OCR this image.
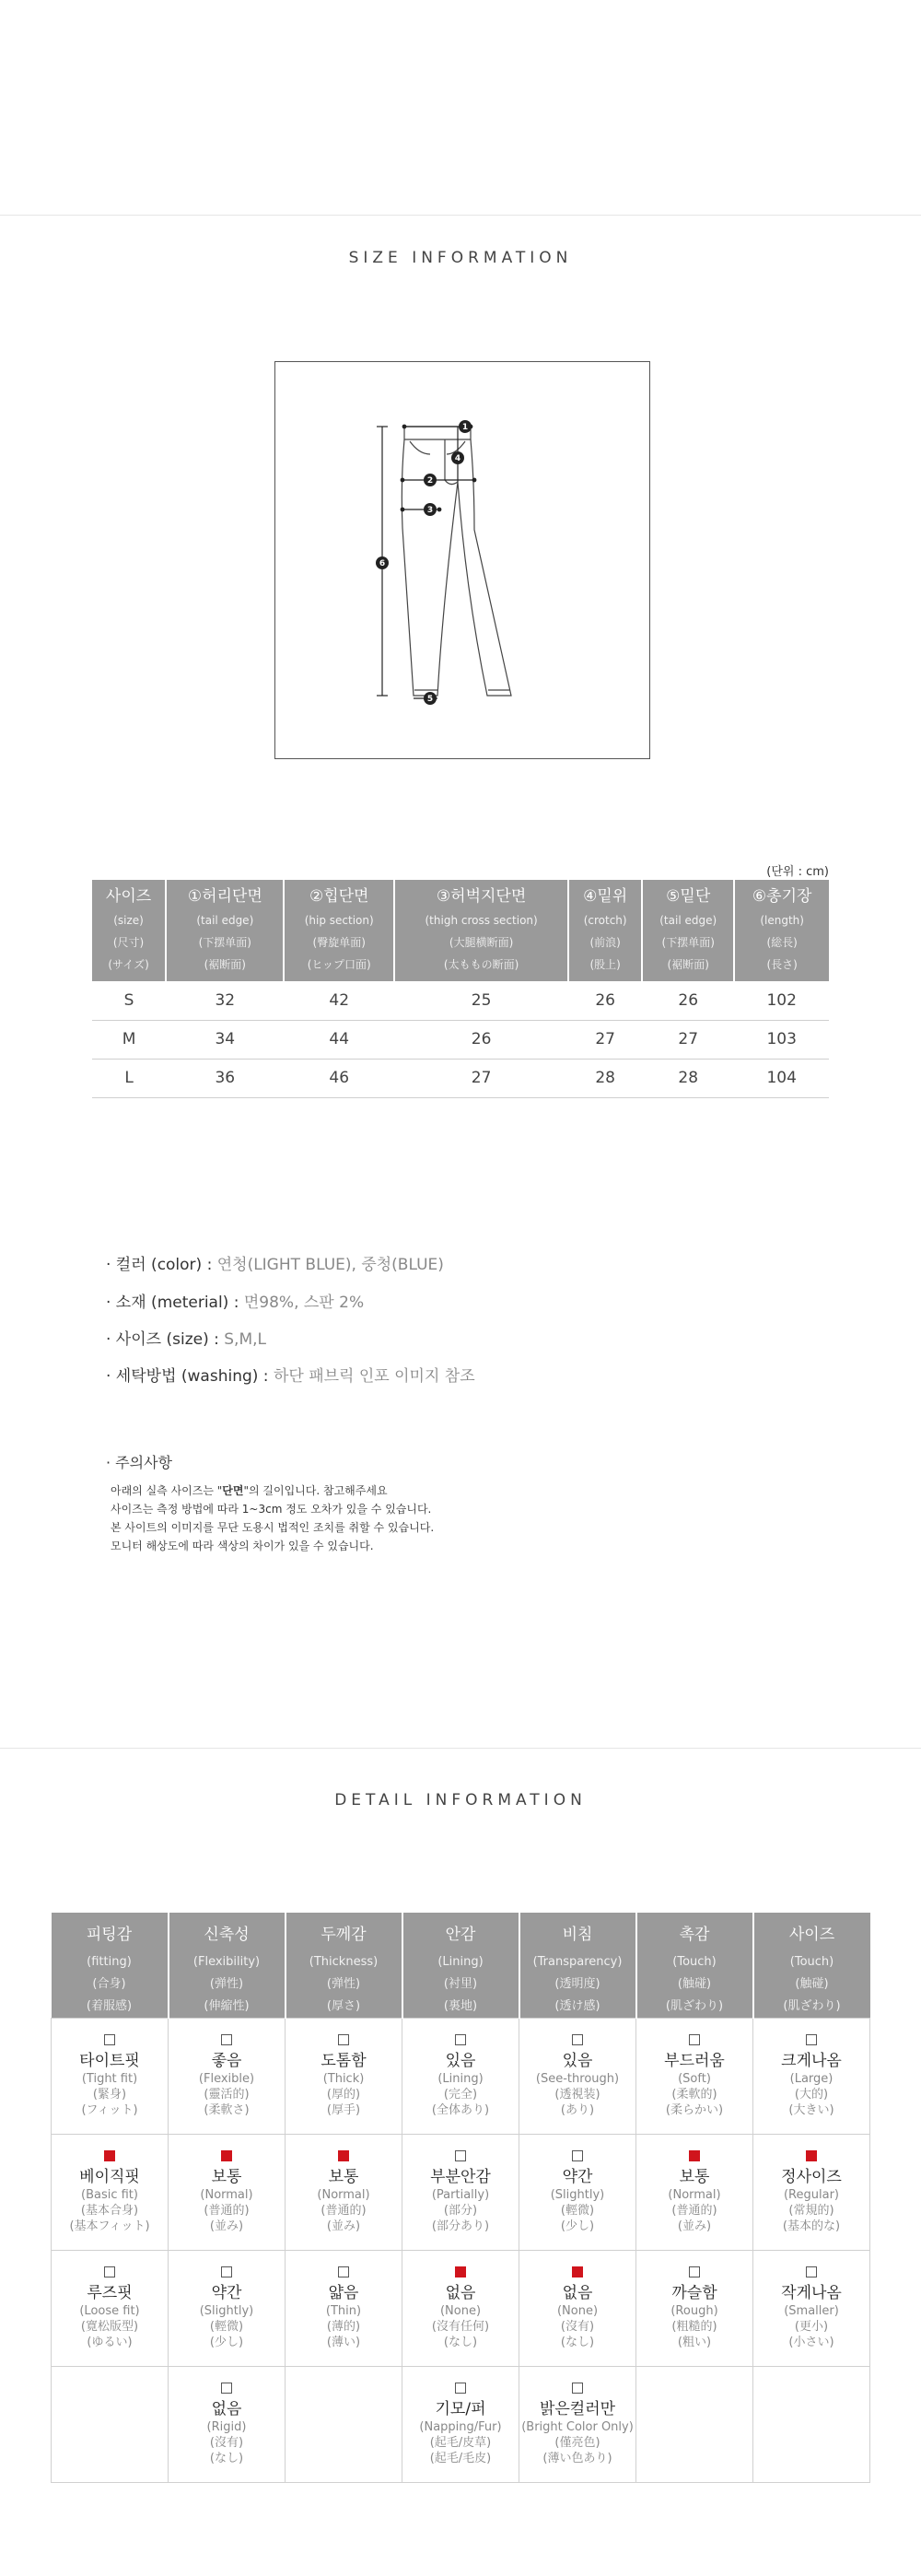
SIZE INFORMATION
1
4
2
3
6
5
(단위 : cm)
사이즈
(size)
(尺寸)
(サイズ)	①허리단면
(tail edge)
(下摆单面)
(裾断面)	②힙단면
(hip section)
(臀旋单面)
(ヒップ口面)	③허벅지단면
(thigh cross section)
(大腿横断面)
(太ももの断面)	④밑위
(crotch)
(前浪)
(股上)	⑤밑단
(tail edge)
(下摆单面)
(裾断面)	⑥총기장
(length)
(総長)
(長さ)

S	32	42	25	26	26	102
M	34	44	26	27	27	103
L	36	46	27	28	28	104
· 컬러 (color) : 연청(LIGHT BLUE), 중청(BLUE)
· 소재 (meterial) : 면98%, 스판 2%
· 사이즈 (size) : S,M,L
· 세탁방법 (washing) : 하단 패브릭 인포 이미지 참조
· 주의사항
아래의 실측 사이즈는 "단면"의 길이입니다. 참고해주세요
사이즈는 측정 방법에 따라 1~3cm 정도 오차가 있을 수 있습니다.
본 사이트의 이미지를 무단 도용시 법적인 조치를 취할 수 있습니다.
모니터 해상도에 따라 색상의 차이가 있을 수 있습니다.
DETAIL INFORMATION
피팅감
(fitting)
(合身)
(着服感)	신축성
(Flexibility)
(弹性)
(伸縮性)	두께감
(Thickness)
(弹性)
(厚さ)	안감
(Lining)
(衬里)
(裏地)	비침
(Transparency)
(透明度)
(透け感)	촉감
(Touch)
(触碰)
(肌ざわり)	사이즈
(Touch)
(触碰)
(肌ざわり)

타이트핏
(Tight fit)
(緊身)
(フィット)	좋음
(Flexible)
(靈活的)
(柔軟さ)	도톰함
(Thick)
(厚的)
(厚手)	있음
(Lining)
(完全)
(全体あり)	있음
(See-through)
(透視装)
(あり)	부드러움
(Soft)
(柔軟的)
(柔らかい)	크게나옴
(Large)
(大的)
(大きい)

베이직핏
(Basic fit)
(基本合身)
(基本フィット)	보통
(Normal)
(普通的)
(並み)	보통
(Normal)
(普通的)
(並み)	부분안감
(Partially)
(部分)
(部分あり)	약간
(Slightly)
(輕微)
(少し)	보통
(Normal)
(普通的)
(並み)	정사이즈
(Regular)
(常規的)
(基本的な)

루즈핏
(Loose fit)
(寛松版型)
(ゆるい)	약간
(Slightly)
(輕微)
(少し)	얇음
(Thin)
(薄的)
(薄い)	없음
(None)
(沒有任何)
(なし)	없음
(None)
(沒有)
(なし)	까슬함
(Rough)
(粗糙的)
(粗い)	작게나옴
(Smaller)
(更小)
(小さい)

	없음
(Rigid)
(沒有)
(なし)		기모/퍼
(Napping/Fur)
(起毛/皮草)
(起毛/毛皮)	밝은컬러만
(Bright Color Only)
(僅亮色)
(薄い色あり)		
